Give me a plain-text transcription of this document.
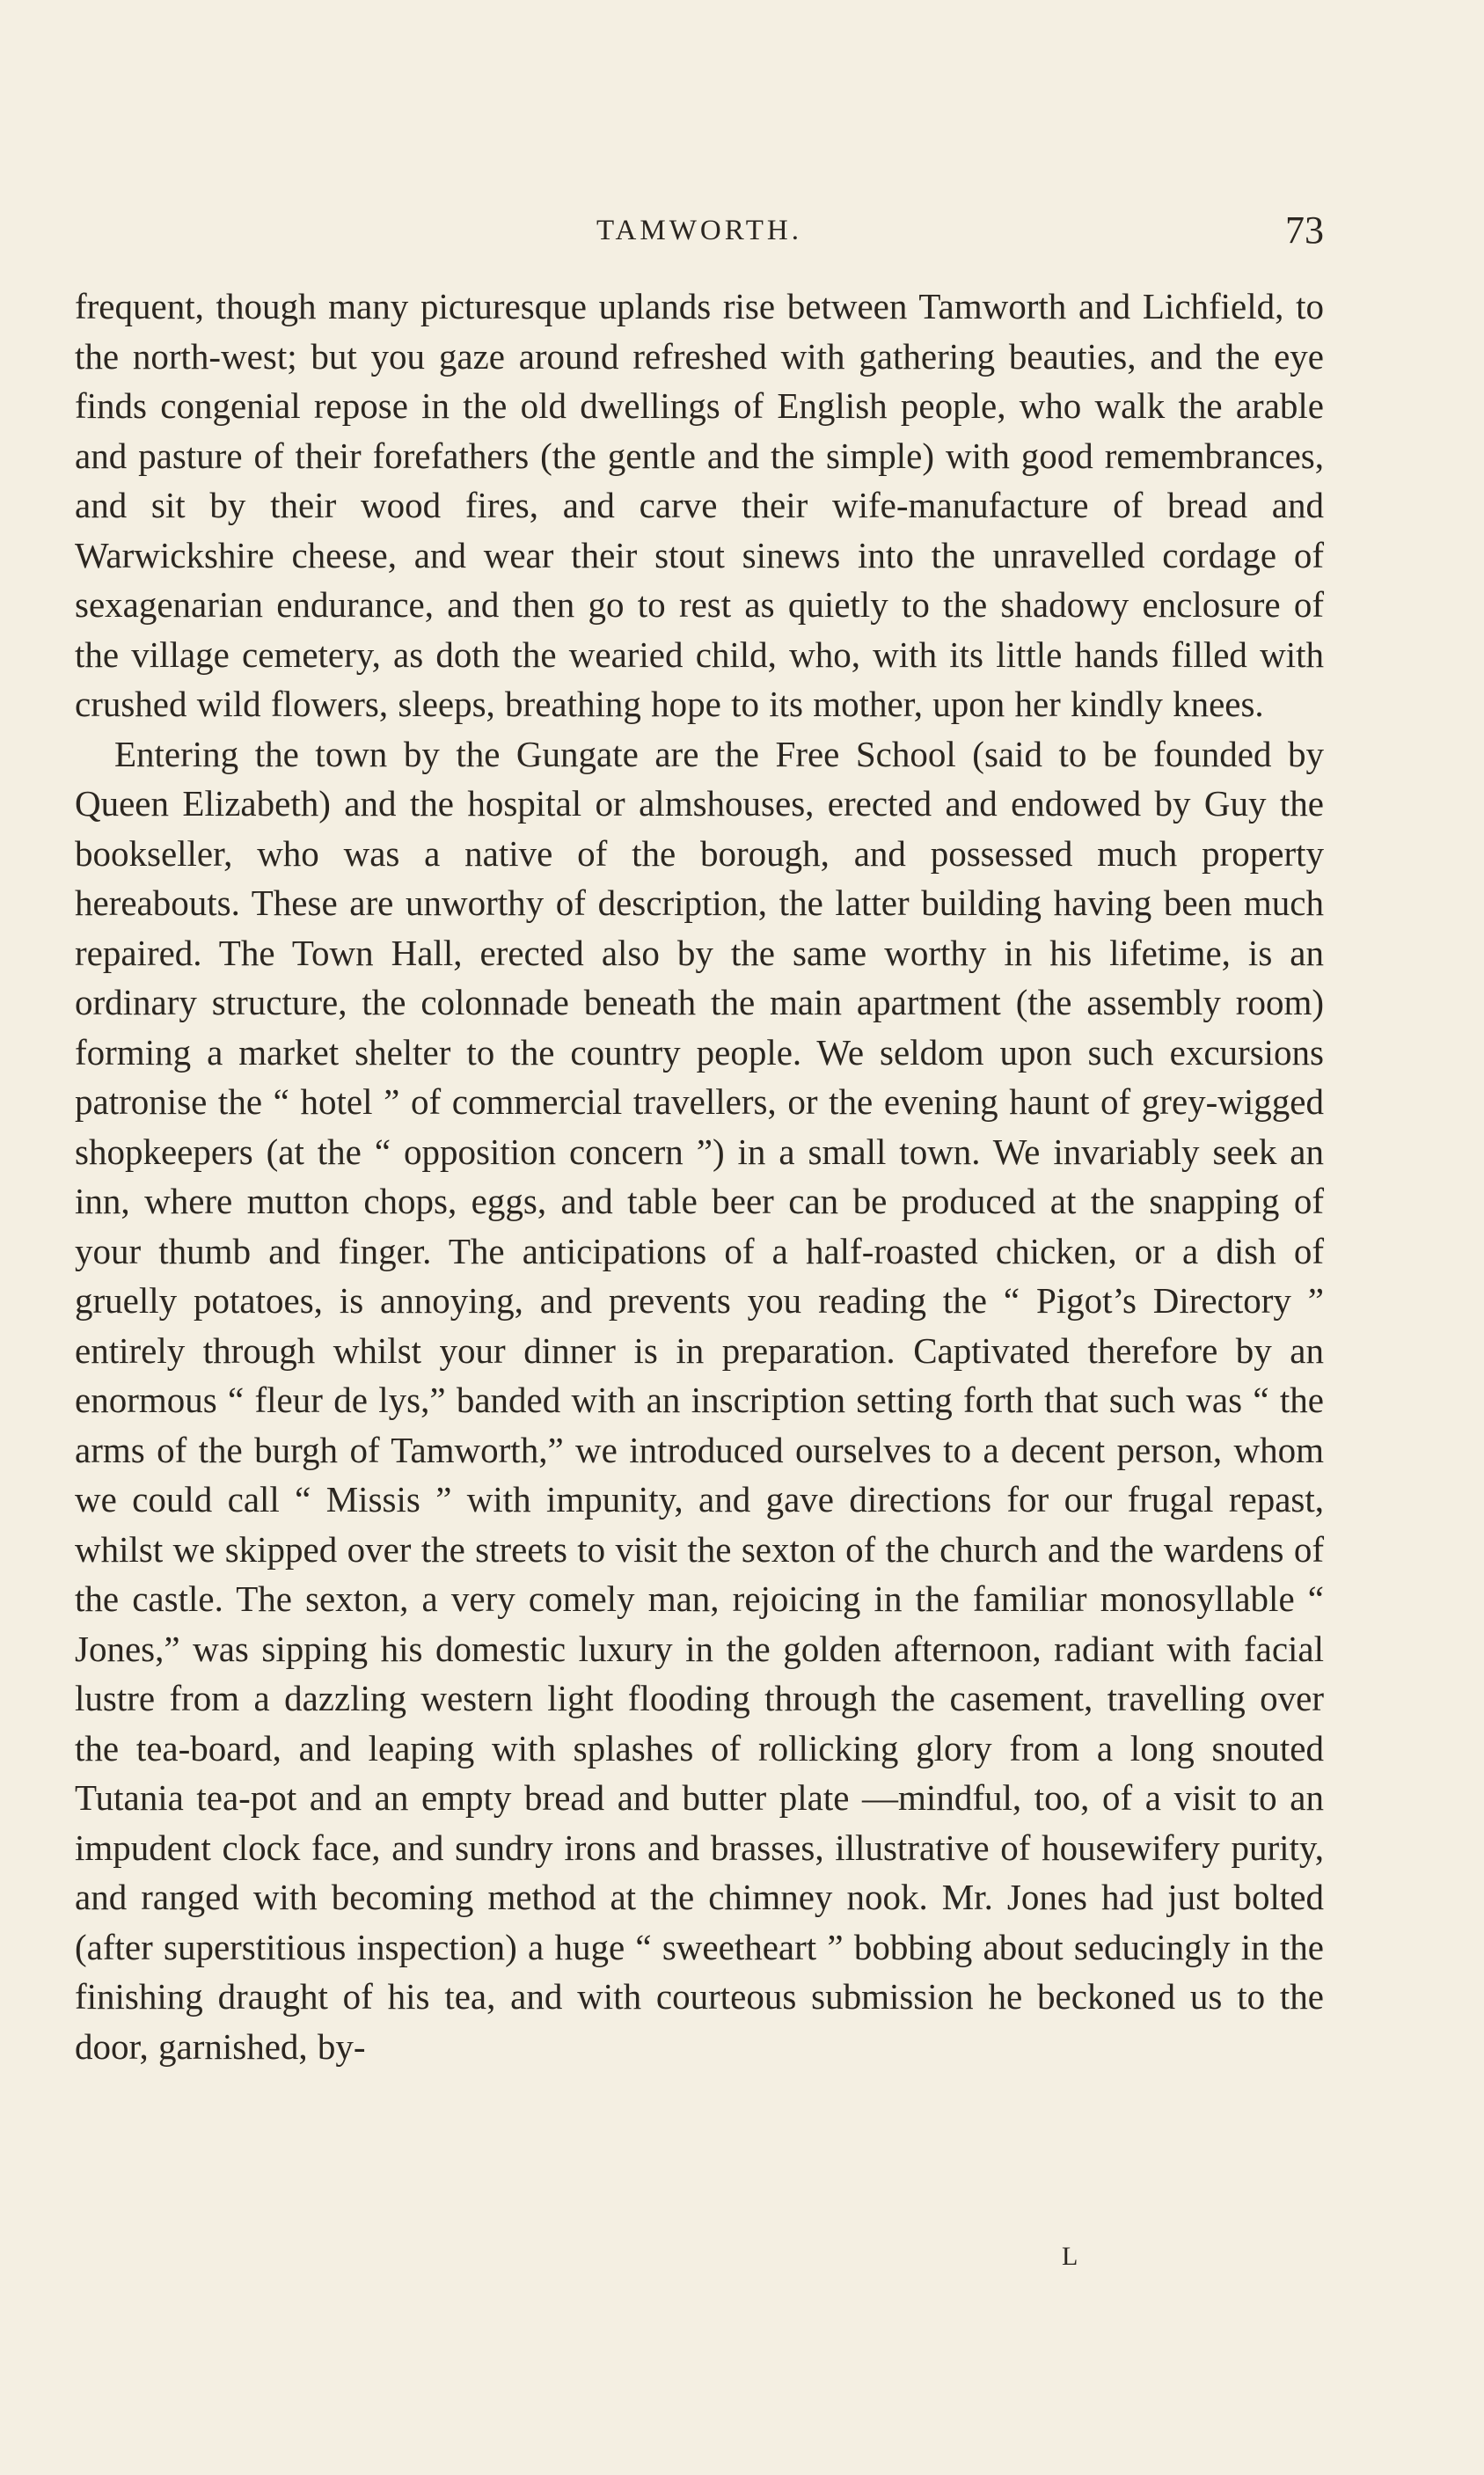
TAMWORTH.	73

frequent, though many picturesque uplands rise between Tamworth and Lichfield, to the north-west; but you gaze around refreshed with gathering beauties, and the eye finds congenial repose in the old dwellings of English people, who walk the arable and pasture of their forefathers (the gentle and the simple) with good remembrances, and sit by their wood fires, and carve their wife-manufacture of bread and Warwickshire cheese, and wear their stout sinews into the unravelled cordage of sexagenarian endurance, and then go to rest as quietly to the shadowy enclosure of the village cemetery, as doth the wearied child, who, with its little hands filled with crushed wild flowers, sleeps, breathing hope to its mother, upon her kindly knees.

Entering the town by the Gungate are the Free School (said to be founded by Queen Elizabeth) and the hospital or almshouses, erected and endowed by Guy the bookseller, who was a native of the borough, and possessed much property hereabouts. These are unworthy of description, the latter building having been much repaired. The Town Hall, erected also by the same worthy in his lifetime, is an ordinary structure, the colonnade beneath the main apartment (the assembly room) forming a market shelter to the country people. We seldom upon such excursions patronise the “ hotel ” of commercial travellers, or the evening haunt of grey-wigged shopkeepers (at the “ opposition concern ”) in a small town. We invariably seek an inn, where mutton chops, eggs, and table beer can be produced at the snapping of your thumb and finger. The anticipations of a half-roasted chicken, or a dish of gruelly potatoes, is annoying, and prevents you reading the “ Pigot’s Directory ” entirely through whilst your dinner is in preparation. Captivated therefore by an enormous “ fleur de lys,” banded with an inscription setting forth that such was “ the arms of the burgh of Tamworth,” we introduced ourselves to a decent person, whom we could call “ Missis ” with impunity, and gave directions for our frugal repast, whilst we skipped over the streets to visit the sexton of the church and the wardens of the castle. The sexton, a very comely man, rejoicing in the familiar monosyllable “ Jones,” was sipping his domestic luxury in the golden afternoon, radiant with facial lustre from a dazzling western light flooding through the casement, travelling over the tea-board, and leaping with splashes of rollicking glory from a long snouted Tutania tea-pot and an empty bread and butter plate —mindful, too, of a visit to an impudent clock face, and sundry irons and brasses, illustrative of housewifery purity, and ranged with becoming method at the chimney nook. Mr. Jones had just bolted (after superstitious inspection) a huge “ sweetheart ” bobbing about seducingly in the finishing draught of his tea, and with courteous submission he beckoned us to the door, garnished, by-

L
